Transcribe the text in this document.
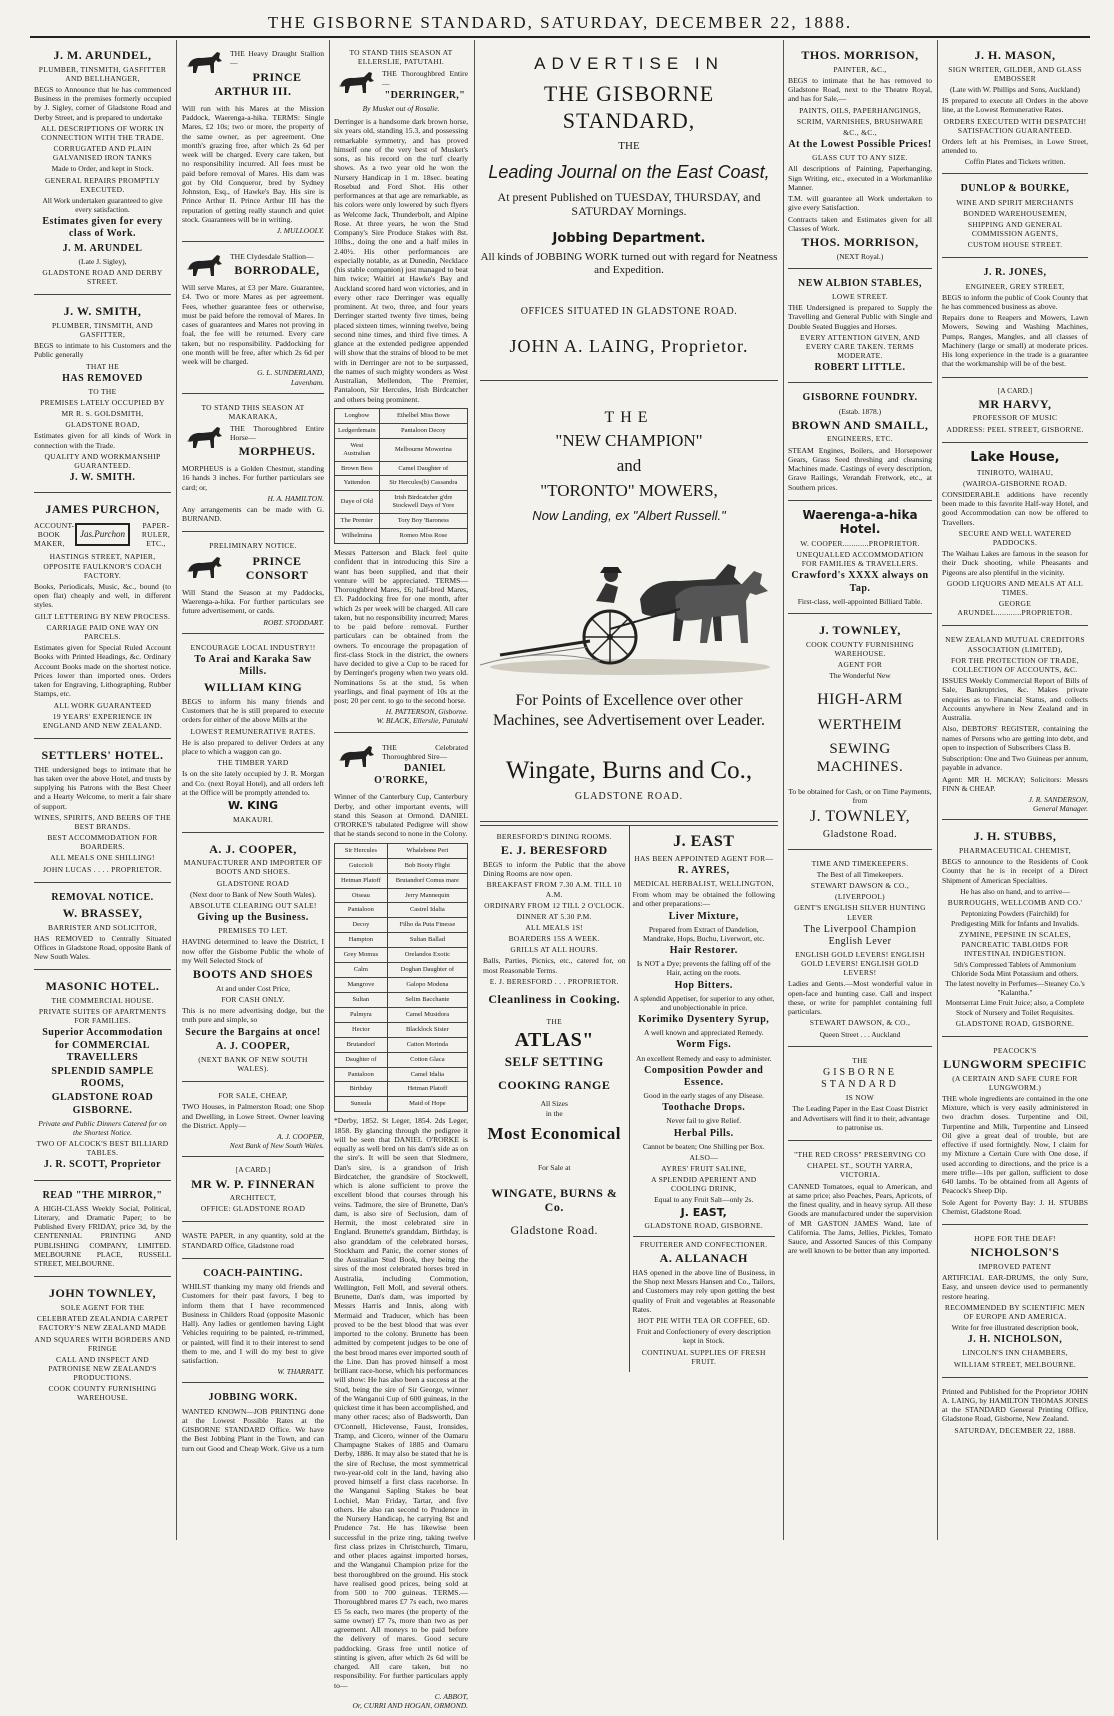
THE GISBORNE STANDARD, SATURDAY, DECEMBER 22, 1888.
J. M. ARUNDEL,
PLUMBER, TINSMITH, GASFITTER AND BELLHANGER,
BEGS to Announce that he has commenced Business in the premises formerly occupied by J. Sigley, corner of Gladstone Road and Derby Street, and is prepared to undertake
ALL DESCRIPTIONS OF WORK IN CONNECTION WITH THE TRADE.
CORRUGATED AND PLAIN GALVANISED IRON TANKS
Made to Order, and kept in Stock.
GENERAL REPAIRS PROMPTLY EXECUTED.
All Work undertaken guaranteed to give every satisfaction.
Estimates given for every class of Work.
J. M. ARUNDEL
(Late J. Sigley),
GLADSTONE ROAD AND DERBY STREET.
J. W. SMITH,
PLUMBER, TINSMITH, AND GASFITTER,
BEGS to intimate to his Customers and the Public generally
THAT HE
HAS REMOVED
TO THE
PREMISES LATELY OCCUPIED BY
MR R. S. GOLDSMITH,
GLADSTONE ROAD,
Estimates given for all kinds of Work in connection with the Trade.
QUALITY AND WORKMANSHIP GUARANTEED.
J. W. SMITH.
JAMES PURCHON,
ACCOUNT-BOOK MAKER,
Jas.Purchon
PAPER-RULER, ETC.,
HASTINGS STREET, NAPIER, OPPOSITE FAULKNOR'S COACH FACTORY.
Books, Periodicals, Music, &c., bound (to open flat) cheaply and well, in different styles.
GILT LETTERING BY NEW PROCESS.
CARRIAGE PAID ONE WAY ON PARCELS.
Estimates given for Special Ruled Account Books with Printed Headings, &c. Ordinary Account Books made on the shortest notice. Prices lower than imported ones. Orders taken for Engraving, Lithographing, Rubber Stamps, etc.
ALL WORK GUARANTEED
19 YEARS' EXPERIENCE IN ENGLAND AND NEW ZEALAND.
SETTLERS' HOTEL.
THE undersigned begs to intimate that he has taken over the above Hotel, and trusts by supplying his Patrons with the Best Cheer and a Hearty Welcome, to merit a fair share of support.
WINES, SPIRITS, AND BEERS OF THE BEST BRANDS.
BEST ACCOMMODATION FOR BOARDERS.
ALL MEALS ONE SHILLING!
JOHN LUCAS . . . . PROPRIETOR.
REMOVAL NOTICE.
W. BRASSEY,
BARRISTER AND SOLICITOR,
HAS REMOVED to Centrally Situated Offices in Gladstone Road, opposite Bank of New South Wales.
MASONIC HOTEL.
THE COMMERCIAL HOUSE.
PRIVATE SUITES OF APARTMENTS FOR FAMILIES.
Superior Accommodation for COMMERCIAL TRAVELLERS
SPLENDID SAMPLE ROOMS,
GLADSTONE ROAD GISBORNE.
Private and Public Dinners Catered for on the Shortest Notice.
TWO OF ALCOCK'S BEST BILLIARD TABLES.
J. R. SCOTT, Proprietor
READ "THE MIRROR,"
A HIGH-CLASS Weekly Social, Political, Literary, and Dramatic Paper; to be Published Every FRIDAY, price 3d, by the CENTENNIAL PRINTING AND PUBLISHING COMPANY, LIMITED. MELBOURNE PLACE, RUSSELL STREET, MELBOURNE.
JOHN TOWNLEY,
SOLE AGENT FOR THE
CELEBRATED ZEALANDIA CARPET FACTORY'S NEW ZEALAND MADE
AND SQUARES WITH BORDERS AND FRINGE
CALL AND INSPECT AND PATRONISE NEW ZEALAND'S PRODUCTIONS.
COOK COUNTY FURNISHING WAREHOUSE.
THE Heavy Draught Stallion—
PRINCE ARTHUR III.
Will run with his Mares at the Mission Paddock, Waerenga-a-hika. TERMS: Single Mares, £2 10s; two or more, the property of the same owner, as per agreement. One month's grazing free, after which 2s 6d per week will be charged. Every care taken, but no responsibility incurred. All fees must be paid before removal of Mares. His dam was got by Old Conqueror, bred by Sydney Johnston, Esq., of Hawke's Bay. His sire is Prince Arthur II. Prince Arthur III has the reputation of getting really staunch and quiet stock. Guarantees will be in writing.
J. MULLOOLY.
THE Clydesdale Stallion—
BORRODALE,
Will serve Mares, at £3 per Mare. Guarantee, £4. Two or more Mares as per agreement. Fees, whether guarantee fees or otherwise, must be paid before the removal of Mares. In cases of guarantees and Mares not proving in foal, the fee will be returned. Every care taken, but no responsibility. Paddocking for one month will be free, after which 2s 6d per week will be charged.
G. L. SUNDERLAND,
Lavenham.
TO STAND THIS SEASON AT MAKARAKA,
THE Thoroughbred Entire Horse—
MORPHEUS.
MORPHEUS is a Golden Chestnut, standing 16 hands 3 inches. For further particulars see card; or,
H. A. HAMILTON.
Any arrangements can be made with G. BURNAND.
PRELIMINARY NOTICE.
PRINCE CONSORT
Will Stand the Season at my Paddocks, Waerenga-a-hika. For further particulars see future advertisement, or cards.
ROBT. STODDART.
ENCOURAGE LOCAL INDUSTRY!!
To Arai and Karaka Saw Mills.
WILLIAM KING
BEGS to inform his many friends and Customers that he is still prepared to execute orders for either of the above Mills at the
LOWEST REMUNERATIVE RATES.
He is also prepared to deliver Orders at any place to which a waggon can go.
THE TIMBER YARD
Is on the site lately occupied by J. R. Morgan and Co. (next Royal Hotel), and all orders left at the Office will be promptly attended to.
W. KING
MAKAURI.
A. J. COOPER,
MANUFACTURER AND IMPORTER OF BOOTS AND SHOES.
GLADSTONE ROAD
(Next door to Bank of New South Wales).
ABSOLUTE CLEARING OUT SALE!
Giving up the Business.
PREMISES TO LET.
HAVING determined to leave the District, I now offer the Gisborne Public the whole of my Well Selected Stock of
BOOTS AND SHOES
At and under Cost Price,
FOR CASH ONLY.
This is no mere advertising dodge, but the truth pure and simple, so
Secure the Bargains at once!
A. J. COOPER,
(NEXT BANK OF NEW SOUTH WALES).
FOR SALE, CHEAP,
TWO Houses, in Palmerston Road; one Shop and Dwelling, in Lowe Street. Owner leaving the District. Apply—
A. J. COOPER,
Next Bank of New South Wales.
[A CARD.]
MR W. P. FINNERAN
ARCHITECT,
OFFICE: GLADSTONE ROAD
WASTE PAPER, in any quantity, sold at the STANDARD Office, Gladstone road
COACH-PAINTING.
WHILST thanking my many old friends and Customers for their past favors, I beg to inform them that I have recommenced Business in Childers Road (opposite Masonic Hall). Any ladies or gentlemen having Light Vehicles requiring to be painted, re-trimmed, or painted, will find it to their interest to send them to me, and I will do my best to give satisfaction.
W. THARRATT.
JOBBING WORK.
WANTED KNOWN—JOB PRINTING done at the Lowest Possible Rates at the GISBORNE STANDARD Office. We have the Best Jobbing Plant in the Town, and can turn out Good and Cheap Work. Give us a turn
TO STAND THIS SEASON AT ELLERSLIE, PATUTAHI.
THE Thoroughbred Entire—
"DERRINGER,"
By Musket out of Rosalie.
Derringer is a handsome dark brown horse, six years old, standing 15.3, and possessing remarkable symmetry, and has proved himself one of the very best of Musket's sons, as his record on the turf clearly shows. As a two year old he won the Nursery Handicap in 1 m. 18sec. beating Rosebud and Ford Shot. His other performances at that age are remarkable, as his colors were only lowered by such flyers as Welcome Jack, Thunderbolt, and Alpine Rose. At three years, he won the Stud Company's Sire Produce Stakes with 8st. 10lbs., doing the one and a half miles in 2.40½. His other performances are especially notable, as at Dunedin, Necklace (his stable companion) just managed to beat him twice; Waitiri at Hawke's Bay and Auckland scored hard won victories, and in every other race Derringer was equally prominent. At two, three, and four years Derringer started twenty five times, being placed sixteen times, winning twelve, being second nine times, and third five times. A glance at the extended pedigree appended will show that the strains of blood to be met with in Derringer are not to be surpassed, the names of such mighty wonders as West Australian, Mellendon, The Premier, Pantaloon, Sir Hercules, Irish Birdcatcher and others being prominent.
Longbow	Ethelbel Miss Bowe
Ledgerdemain	Pantaloon Decoy
West Australian	Melbourne Mowerina
Brown Bess	Camel Daughter of
Yattendon	Sir Hercules(b) Cassandra
Daye of Old	Irish Birdcatcher g'dre Stockwell Days of Yore
The Premier	Tory Boy 'Baroness
Wilhelmina	Romeo Miss Rose
Messrs Patterson and Black feel quite confident that in introducing this Sire a want has been supplied, and that their venture will be appreciated. TERMS—Thoroughbred Mares, £6; half-bred Mares, £3. Paddocking free for one month, after which 2s per week will be charged. All care taken, but no responsibility incurred; Mares to be paid before removal. Further particulars can be obtained from the owners. To encourage the propagation of first-class Stock in the district, the owners have decided to give a Cup to be raced for by Derringer's progeny when two years old. Nominations 5s at the stud, 5s when yearlings, and final payment of 10s at the post; 20 per cent. to go to the second horse.
H. PATTERSON, Gisborne.
W. BLACK, Ellerslie, Patutahi
THE Celebrated Thoroughbred Sire—
DANIEL O'RORKE,
Winner of the Canterbury Cup, Canterbury Derby, and other important events, will stand this Season at Ormond. DANIEL O'RORKE'S tabulated Pedigree will show that he stands second to none in the Colony.
Sir Hercules	Whalebone Peri
Guiccioli	Bob Booty Flight
Hetman Platoff	Brutandorf Comus mare
Oiseau	Jerry Mannequin
Pantaloon	Castrel Idalia
Decoy	Filho da Puta Finesse
Hampton	Sultan Ballad
Grey Momus	Orelandos Exotic
Calm	Doghan Daughter of
Mangrove	Galopo Modena
Sultan	Selim Bacchante
Palmyra	Camel Musidora
Hector	Blacklock Sister
Brutandorf	Catton Morinda
Daughter of	Cotton Glaca
Pantaloon	Camel Idalia
Birthday	Hetman Platoff
Sunsula	Maid of Hope
*Derby, 1852. St Leger, 1854. 2ds Leger, 1858. By glancing through the pedigree it will be seen that DANIEL O'RORKE is equally as well bred on his dam's side as on the sire's. It will be seen that Sledmere, Dan's sire, is a grandson of Irish Birdcatcher, the grandsire of Stockwell, which is alone sufficient to prove the excellent blood that courses through his veins. Tadmore, the sire of Brunette, Dan's dam, is also sire of Seclusion, dam of Hermit, the most celebrated sire in England. Brunette's granddam, Birthday, is also granddam of the celebrated horses, Stockham and Panic, the corner stones of the Australian Stud Book, they being the sires of the most celebrated horses bred in Australia, including Commotion, Wellington, Fell Moll, and several others. Brunette, Dan's dam, was imported by Messrs Harris and Innis, along with Mermaid and Traducer, which has been proved to be the best blood that was ever imported to the colony. Brunette has been admitted by competent judges to be one of the best brood mares ever imported south of the Line. Dan has proved himself a most brilliant race-horse, which his performances will show: He has also been a success at the Stud, being the sire of Sir George, winner of the Wanganui Cup of 600 guineas, in the quickest time it has been accomplished, and many other races; also of Badsworth, Dan O'Connell, Hiclevense, Faust, Ironsides, Tramp, and Cicero, winner of the Oamaru Champagne Stakes of 1885 and Oamaru Derby, 1886. It may also be stated that he is the sire of Recluse, the most symmetrical two-year-old colt in the land, having also proved himself a first class racehorse. In the Wanganui Sapling Stakes he beat Lochiel, Man Friday, Tartar, and five others. He also ran second to Prudence in the Nursery Handicap, he carrying 8st and Prudence 7st. He has likewise been successful in the prize ring, taking twelve first class prizes in Christchurch, Timaru, and other places against imported horses, and the Wanganui Champion prize for the best thoroughbred on the ground. His stock have realised good prices, being sold at from 500 to 700 guineas. TERMS.—Thoroughbred mares £7 7s each, two mares £5 5s each, two mares (the property of the same owner) £7 7s, more than two as per agreement. All moneys to be paid before the delivery of mares. Good secure paddocking. Grass free until notice of stinting is given, after which 2s 6d will be charged. All care taken, but no responsibility. For further particulars apply to—
C. ABBOT,
Or, CURRI AND HOGAN, ORMOND.
ADVERTISE IN
THE GISBORNE STANDARD,
THE
Leading Journal on the East Coast,
At present Published on TUESDAY, THURSDAY, and SATURDAY Mornings.
Jobbing Department.
All kinds of JOBBING WORK turned out with regard for Neatness and Expedition.
OFFICES SITUATED IN GLADSTONE ROAD.
JOHN A. LAING, Proprietor.
THE
"NEW CHAMPION"
and
"TORONTO" MOWERS,
Now Landing, ex "Albert Russell."
For Points of Excellence over other Machines, see Advertisement over Leader.
Wingate, Burns and Co.,
GLADSTONE ROAD.
BERESFORD'S DINING ROOMS.
E. J. BERESFORD
BEGS to inform the Public that the above Dining Rooms are now open.
BREAKFAST FROM 7.30 A.M. TILL 10 A.M.
ORDINARY FROM 12 TILL 2 O'CLOCK.
DINNER AT 5.30 P.M.
ALL MEALS 1S!
BOARDERS 15S A WEEK.
GRILLS AT ALL HOURS.
Balls, Parties, Picnics, etc., catered for, on most Reasonable Terms.
E. J. BERESFORD . . . PROPRIETOR.
Cleanliness in Cooking.
THE
ATLAS"
SELF SETTING
COOKING RANGE
All Sizes
in the
Most Economical
For Sale at
WINGATE, BURNS & Co.
Gladstone Road.
J. EAST
HAS BEEN APPOINTED AGENT FOR—
R. AYRES,
MEDICAL HERBALIST, WELLINGTON,
From whom may be obtained the following and other preparations:—
Liver Mixture,
Prepared from Extract of Dandelion, Mandrake, Hops, Buchu, Liverwort, etc.
Hair Restorer.
Is NOT a Dye; prevents the falling off of the Hair, acting on the roots.
Hop Bitters.
A splendid Appetiser, for superior to any other, and unobjectionable in price.
Korimiko Dysentery Syrup,
A well known and appreciated Remedy.
Worm Figs.
An excellent Remedy and easy to administer.
Composition Powder and Essence.
Good in the early stages of any Disease.
Toothache Drops.
Never fail to give Relief.
Herbal Pills.
Cannot be beaten; One Shilling per Box.
ALSO—
AYRES' FRUIT SALINE,
A SPLENDID APERIENT AND COOLING DRINK,
Equal to any Fruit Salt—only 2s.
J. EAST,
GLADSTONE ROAD, GISBORNE.
FRUITERER AND CONFECTIONER.
A. ALLANACH
HAS opened in the above line of Business, in the Shop next Messrs Hansen and Co., Tailors, and Customers may rely upon getting the best quality of Fruit and vegetables at Reasonable Rates.
HOT PIE WITH TEA OR COFFEE, 6D.
Fruit and Confectionery of every description kept in Stock.
CONTINUAL SUPPLIES OF FRESH FRUIT.
THOS. MORRISON,
PAINTER, &C.,
BEGS to intimate that he has removed to Gladstone Road, next to the Theatre Royal, and has for Sale,—
PAINTS, OILS, PAPERHANGINGS,
SCRIM, VARNISHES, BRUSHWARE
&C., &C.,
At the Lowest Possible Prices!
GLASS CUT TO ANY SIZE.
All descriptions of Painting, Paperhanging, Sign Writing, etc., executed in a Workmanlike Manner.
T.M. will guarantee all Work undertaken to give every Satisfaction.
Contracts taken and Estimates given for all Classes of Work.
THOS. MORRISON,
(NEXT Royal.)
NEW ALBION STABLES,
LOWE STREET.
THE Undersigned is prepared to Supply the Travelling and General Public with Single and Double Seated Buggies and Horses.
EVERY ATTENTION GIVEN, AND EVERY CARE TAKEN. TERMS MODERATE.
ROBERT LITTLE.
GISBORNE FOUNDRY.
(Estab. 1878.)
BROWN AND SMAILL,
ENGINEERS, ETC.
STEAM Engines, Boilers, and Horsepower Gears, Grass Seed threshing and cleansing Machines made. Castings of every description, Grave Railings, Verandah Fretwork, etc., at Southern prices.
Waerenga-a-hika Hotel.
W. COOPER............PROPRIETOR.
UNEQUALLED ACCOMMODATION FOR FAMILIES & TRAVELLERS.
Crawford's XXXX always on Tap.
First-class, well-appointed Billiard Table.
J. TOWNLEY,
COOK COUNTY FURNISHING WAREHOUSE.
AGENT FOR
The Wonderful New
HIGH-ARM
WERTHEIM
SEWING MACHINES.
To be obtained for Cash, or on Time Payments, from
J. TOWNLEY,
Gladstone Road.
TIME AND TIMEKEEPERS.
The Best of all Timekeepers.
STEWART DAWSON & CO.,
(LIVERPOOL)
GENT'S ENGLISH SILVER HUNTING LEVER
The Liverpool Champion English Lever
ENGLISH GOLD LEVERS! ENGLISH GOLD LEVERS! ENGLISH GOLD LEVERS!
Ladies and Gents.—Most wonderful value in open-face and hunting case. Call and inspect these, or write for pamphlet containing full particulars.
STEWART DAWSON, & CO.,
Queen Street . . . Auckland
THE
GISBORNE STANDARD
IS NOW
The Leading Paper in the East Coast District and Advertisers will find it to their, advantage to patronise us.
"THE RED CROSS" PRESERVING CO
CHAPEL ST., SOUTH YARRA, VICTORIA.
CANNED Tomatoes, equal to American, and at same price; also Peaches, Pears, Apricots, of the finest quality, and in heavy syrup. All these Goods are manufactured under the supervision of MR GASTON JAMES Wand, late of California. The Jams, Jellies, Pickles, Tomato Sauce, and Assorted Sauces of this Company are well known to be better than any imported.
J. H. MASON,
SIGN WRITER, GILDER, AND GLASS EMBOSSER
(Late with W. Phillips and Sons, Auckland)
IS prepared to execute all Orders in the above line, at the Lowest Remunerative Rates.
ORDERS EXECUTED WITH DESPATCH! SATISFACTION GUARANTEED.
Orders left at his Premises, in Lowe Street, attended to.
Coffin Plates and Tickets written.
DUNLOP & BOURKE,
WINE AND SPIRIT MERCHANTS
BONDED WAREHOUSEMEN,
SHIPPING AND GENERAL COMMISSION AGENTS,
CUSTOM HOUSE STREET.
J. R. JONES,
ENGINEER, GREY STREET,
BEGS to inform the public of Cook County that he has commenced business as above.
Repairs done to Reapers and Mowers, Lawn Mowers, Sewing and Washing Machines, Pumps, Ranges, Mangles, and all classes of Machinery (large or small) at moderate prices. His long experience in the trade is a guarantee that the workmanship will be of the best.
[A CARD.]
MR HARVY,
PROFESSOR OF MUSIC
ADDRESS: PEEL STREET, GISBORNE.
Lake House,
TINIROTO, WAIHAU,
(WAIROA-GISBORNE ROAD.
CONSIDERABLE additions have recently been made to this favorite Half-way Hotel, and good Accommodation can now be offered to Travellers.
SECURE AND WELL WATERED PADDOCKS.
The Waihau Lakes are famous in the season for their Duck shooting, while Pheasants and Pigeons are also plentiful in the vicinity.
GOOD LIQUORS AND MEALS AT ALL TIMES.
GEORGE ARUNDEL............PROPRIETOR.
NEW ZEALAND MUTUAL CREDITORS ASSOCIATION (LIMITED),
FOR THE PROTECTION OF TRADE, COLLECTION OF ACCOUNTS, &C.
ISSUES Weekly Commercial Report of Bills of Sale, Bankruptcies, &c. Makes private enquiries as to Financial Status, and collects Accounts anywhere in New Zealand and in Australia.
Also, DEBTORS' REGISTER, containing the names of Persons who are getting into debt, and open to inspection of Subscribers Class B.
Subscription: One and Two Guineas per annum, payable in advance.
Agent: MR H. MCKAY; Solicitors: Messrs FINN & CHEAP.
J. R. SANDERSON,
General Manager.
J. H. STUBBS,
PHARMACEUTICAL CHEMIST,
BEGS to announce to the Residents of Cook County that he is in receipt of a Direct Shipment of American Specialties.
He has also on hand, and to arrive—
BURROUGHS, WELLCOMB AND CO.'
Peptonizing Powders (Fairchild) for
Predigesting Milk for Infants and Invalids.
ZYMINE, PEPSINE IN SCALES, PANCREATIC TABLOIDS FOR INTESTINAL INDIGESTION.
5th's Compressed Tablets of Ammonium Chloride Soda Mint Potassium and others.
The latest novelty in Perfumes—Steaney Co.'s "Kalantha."
Montserrat Lime Fruit Juice; also, a Complete Stock of Nursery and Toilet Requisites.
GLADSTONE ROAD, GISBORNE.
PEACOCK'S
LUNGWORM SPECIFIC
(A CERTAIN AND SAFE CURE FOR LUNGWORM.)
THE whole ingredients are contained in the one Mixture, which is very easily administered in two drachm doses. Turpentine and Oil, Turpentine and Milk, Turpentine and Linseed Oil give a great deal of trouble, but are effective if used fortnightly. Now, I claim for my Mixture a Certain Cure with One dose, if used according to directions, and the price is a mere trifle—10s per gallon, sufficient to dose 640 lambs. To be obtained from all Agents of Peacock's Sheep Dip.
Sole Agent for Poverty Bay: J. H. STUBBS Chemist, Gladstone Road.
HOPE FOR THE DEAF!
NICHOLSON'S
IMPROVED PATENT
ARTIFICIAL EAR-DRUMS, the only Sure, Easy, and unseen device used to permanently restore hearing.
RECOMMENDED BY SCIENTIFIC MEN OF EUROPE AND AMERICA.
Write for free illustrated description book,
J. H. NICHOLSON,
LINCOLN'S INN CHAMBERS,
WILLIAM STREET, MELBOURNE.
Printed and Published for the Proprietor JOHN A. LAING, by HAMILTON THOMAS JONES at the STANDARD General Printing Office, Gladstone Road, Gisborne, New Zealand.
SATURDAY, DECEMBER 22, 1888.
